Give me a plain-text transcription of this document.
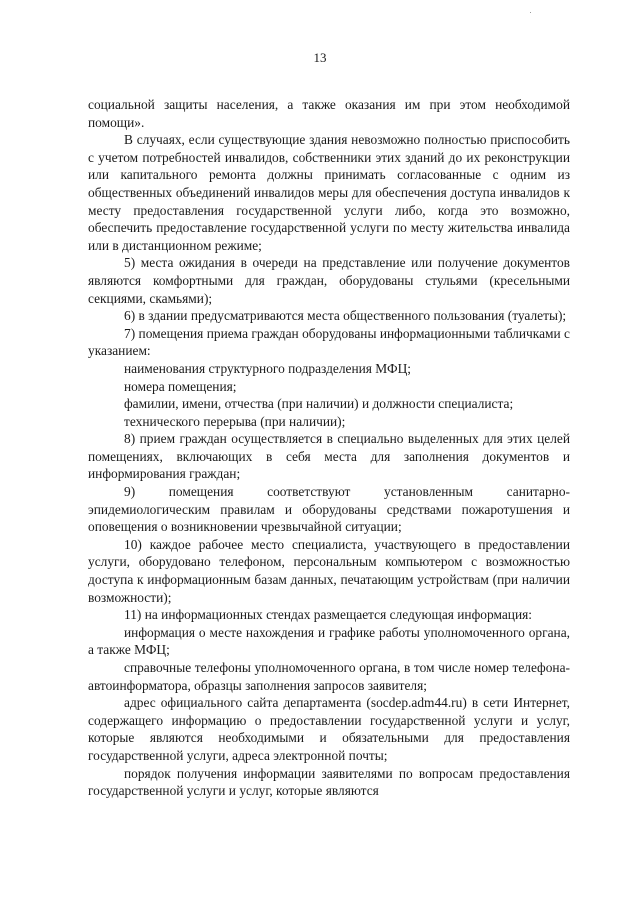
13

социальной защиты населения, а также оказания им при этом необходимой помощи».

В случаях, если существующие здания невозможно полностью приспособить с учетом потребностей инвалидов, собственники этих зданий до их реконструкции или капитального ремонта должны принимать согласованные с одним из общественных объединений инвалидов меры для обеспечения доступа инвалидов к месту предоставления государственной услуги либо, когда это возможно, обеспечить предоставление государственной услуги по месту жительства инвалида или в дистанционном режиме;

5) места ожидания в очереди на представление или получение документов являются комфортными для граждан, оборудованы стульями (кресельными секциями, скамьями);

6) в здании предусматриваются места общественного пользования (туалеты);

7) помещения приема граждан оборудованы информационными табличками с указанием:

наименования структурного подразделения МФЦ;

номера помещения;

фамилии, имени, отчества (при наличии) и должности специалиста;

технического перерыва (при наличии);

8) прием граждан осуществляется в специально выделенных для этих целей помещениях, включающих в себя места для заполнения документов и информирования граждан;

9) помещения соответствуют установленным санитарно-эпидемиологическим правилам и оборудованы средствами пожаротушения и оповещения о возникновении чрезвычайной ситуации;

10) каждое рабочее место специалиста, участвующего в предоставлении услуги, оборудовано телефоном, персональным компьютером с возможностью доступа к информационным базам данных, печатающим устройствам (при наличии возможности);

11) на информационных стендах размещается следующая информация:

информация о месте нахождения и графике работы уполномоченного органа, а также МФЦ;

справочные телефоны уполномоченного органа, в том числе номер телефона-автоинформатора, образцы заполнения запросов заявителя;

адрес официального сайта департамента (socdep.adm44.ru) в сети Интернет, содержащего информацию о предоставлении государственной услуги и услуг, которые являются необходимыми и обязательными для предоставления государственной услуги, адреса электронной почты;

порядок получения информации заявителями по вопросам предоставления государственной услуги и услуг, которые являются
